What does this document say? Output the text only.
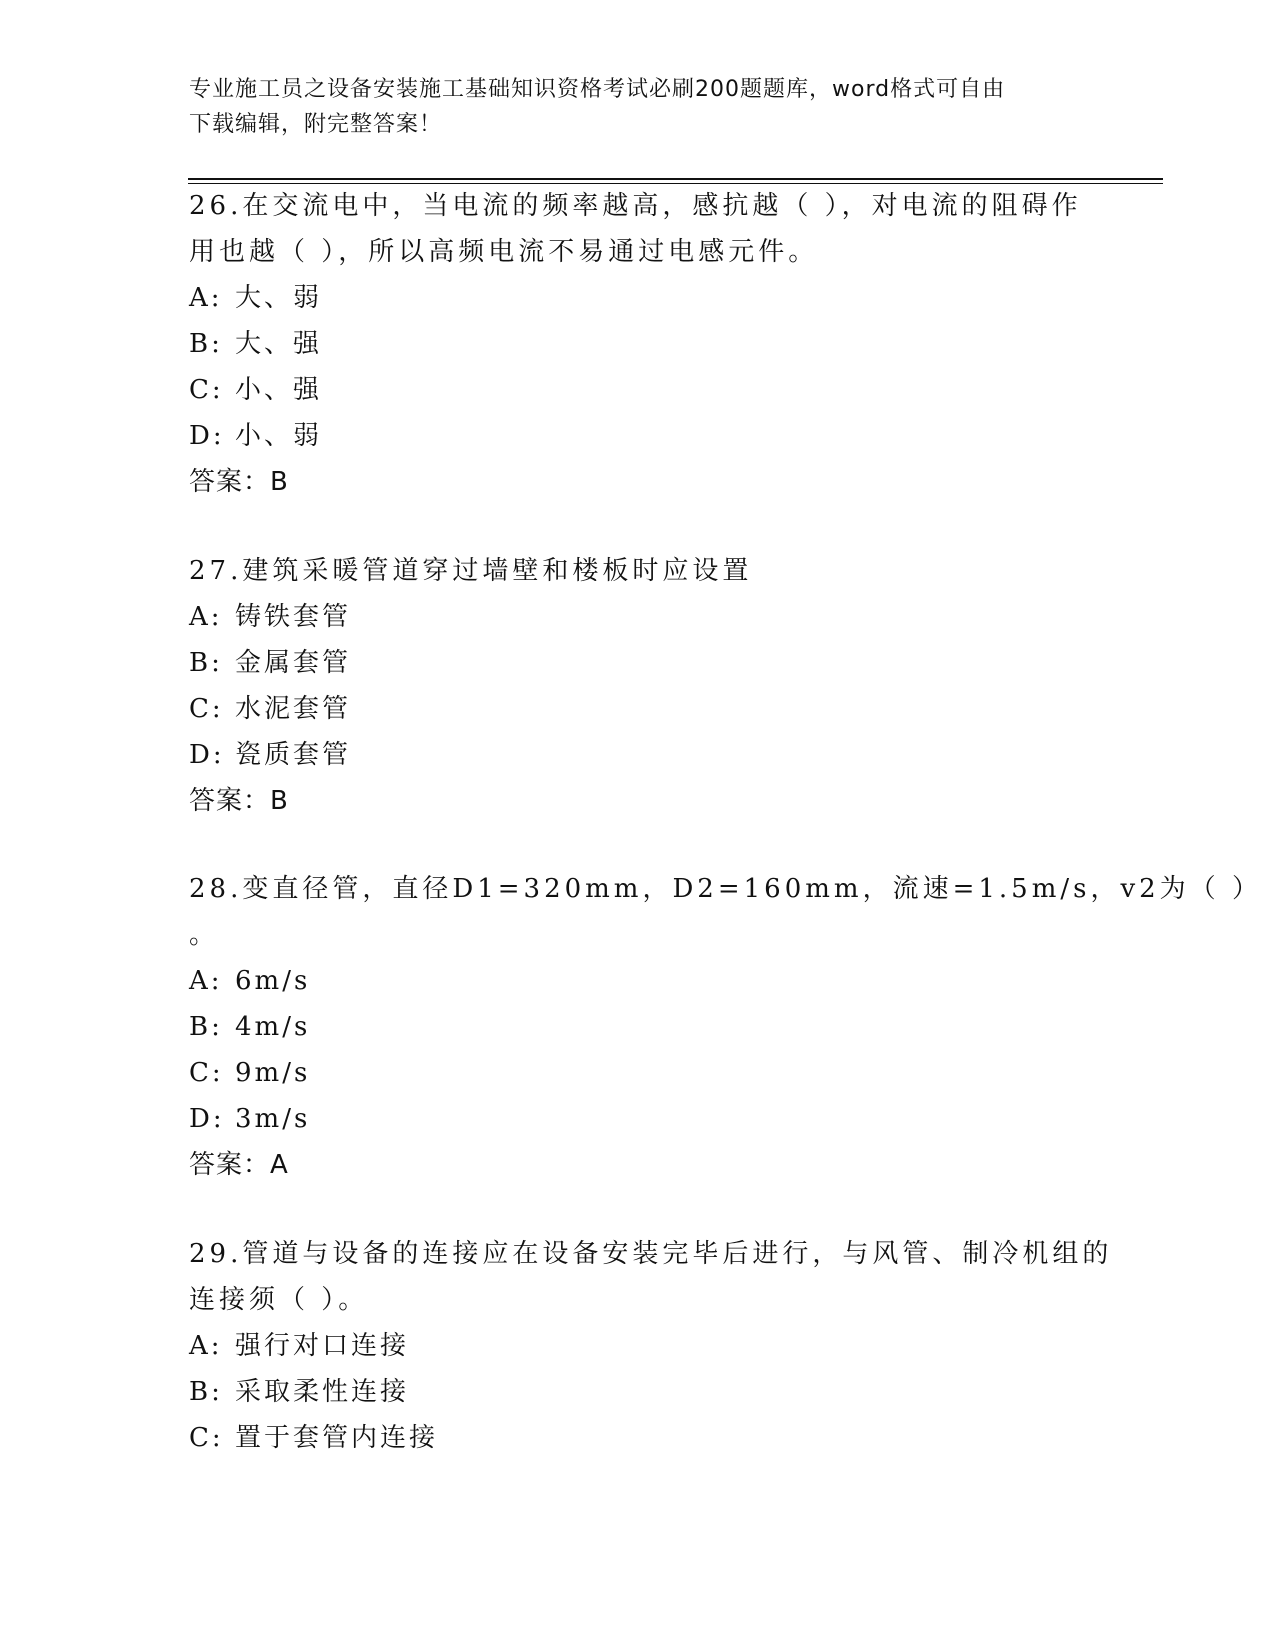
专业施工员之设备安装施工基础知识资格考试必刷200题题库，word格式可自由
下载编辑，附完整答案！
26.在交流电中，当电流的频率越高，感抗越（ ），对电流的阻碍作
用也越（ ），所以高频电流不易通过电感元件。
A: 大、弱
B: 大、强
C: 小、强
D: 小、弱
答案：B
27.建筑采暖管道穿过墙壁和楼板时应设置
A: 铸铁套管
B: 金属套管
C: 水泥套管
D: 瓷质套管
答案：B
28.变直径管，直径D1=320mm，D2=160mm，流速=1.5m/s，v2为（ ）
。
A: 6m/s
B: 4m/s
C: 9m/s
D: 3m/s
答案：A
29.管道与设备的连接应在设备安装完毕后进行，与风管、制冷机组的
连接须（ ）。
A: 强行对口连接
B: 采取柔性连接
C: 置于套管内连接
